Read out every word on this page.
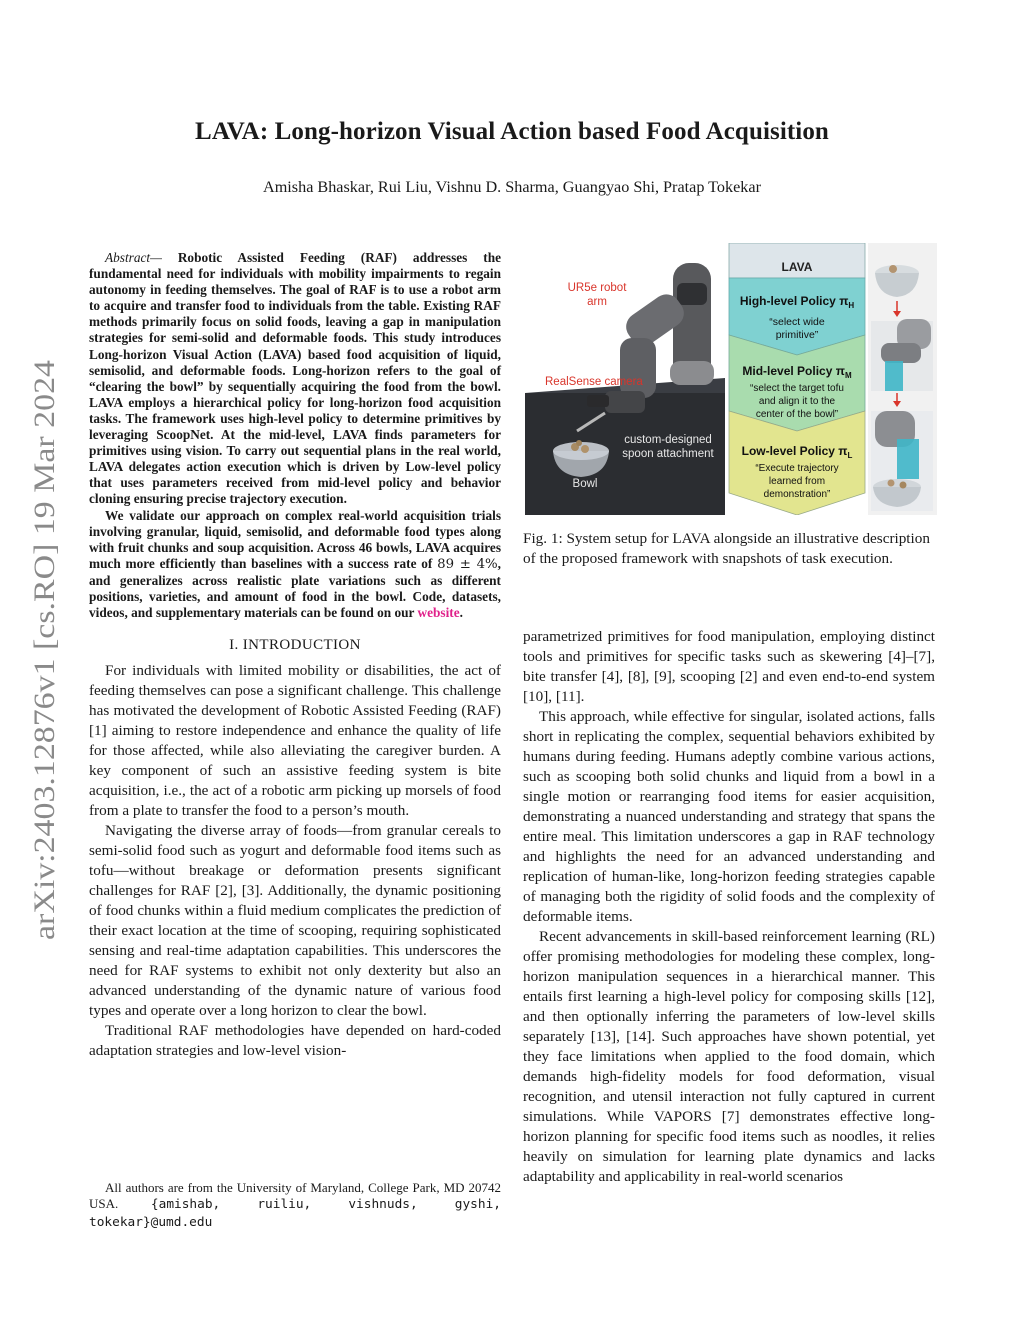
arXiv:2403.12876v1 [cs.RO] 19 Mar 2024
LAVA: Long-horizon Visual Action based Food Acquisition
Amisha Bhaskar, Rui Liu, Vishnu D. Sharma, Guangyao Shi, Pratap Tokekar

Abstract— Robotic Assisted Feeding (RAF) addresses the fundamental need for individuals with mobility impairments to regain autonomy in feeding themselves. The goal of RAF is to use a robot arm to acquire and transfer food to individuals from the table. Existing RAF methods primarily focus on solid foods, leaving a gap in manipulation strategies for semi-solid and deformable foods. This study introduces Long-horizon Visual Action (LAVA) based food acquisition of liquid, semisolid, and deformable foods. Long-horizon refers to the goal of “clearing the bowl” by sequentially acquiring the food from the bowl. LAVA employs a hierarchical policy for long-horizon food acquisition tasks. The framework uses high-level policy to determine primitives by leveraging ScoopNet. At the mid-level, LAVA finds parameters for primitives using vision. To carry out sequential plans in the real world, LAVA delegates action execution which is driven by Low-level policy that uses parameters received from mid-level policy and behavior cloning ensuring precise trajectory execution.

We validate our approach on complex real-world acquisition trials involving granular, liquid, semisolid, and deformable food types along with fruit chunks and soup acquisition. Across 46 bowls, LAVA acquires much more efficiently than baselines with a success rate of 89 ± 4%, and generalizes across realistic plate variations such as different positions, varieties, and amount of food in the bowl. Code, datasets, videos, and supplementary materials can be found on our website.

I. INTRODUCTION

For individuals with limited mobility or disabilities, the act of feeding themselves can pose a significant challenge. This challenge has motivated the development of Robotic Assisted Feeding (RAF) [1] aiming to restore independence and enhance the quality of life for those affected, while also alleviating the caregiver burden. A key component of such an assistive feeding system is bite acquisition, i.e., the act of a robotic arm picking up morsels of food from a plate to transfer the food to a person’s mouth.

Navigating the diverse array of foods—from granular cereals to semi-solid food such as yogurt and deformable food items such as tofu—without breakage or deformation presents significant challenges for RAF [2], [3]. Additionally, the dynamic positioning of food chunks within a fluid medium complicates the prediction of their exact location at the time of scooping, requiring sophisticated sensing and real-time adaptation capabilities. This underscores the need for RAF systems to exhibit not only dexterity but also an advanced understanding of the dynamic nature of various food types and operate over a long horizon to clear the bowl.

Traditional RAF methodologies have depended on hard-coded adaptation strategies and low-level vision-

All authors are from the University of Maryland, College Park, MD 20742 USA.	{amishab, ruiliu, vishnuds, gyshi, tokekar}@umd.edu

UR5e robot
arm
RealSense camera
custom-designed
spoon attachment
Bowl
LAVA
High-level Policy $\pi_H$
“select wide
primitive”
Mid-level Policy $\pi_M$
“select the target tofu
and align it to the
center of the bowl”
Low-level Policy $\pi_L$
“Execute trajectory
learned from
demonstration”
Fig. 1: System setup for LAVA alongside an illustrative description of the proposed framework with snapshots of task execution.

parametrized primitives for food manipulation, employing distinct tools and primitives for specific tasks such as skewering [4]–[7], bite transfer [4], [8], [9], scooping [2] and even end-to-end system [10], [11].

This approach, while effective for singular, isolated actions, falls short in replicating the complex, sequential behaviors exhibited by humans during feeding. Humans adeptly combine various actions, such as scooping both solid chunks and liquid from a bowl in a single motion or rearranging food items for easier acquisition, demonstrating a nuanced understanding and strategy that spans the entire meal. This limitation underscores a gap in RAF technology and highlights the need for an advanced understanding and replication of human-like, long-horizon feeding strategies capable of managing both the rigidity of solid foods and the complexity of deformable items.

Recent advancements in skill-based reinforcement learning (RL) offer promising methodologies for modeling these complex, long-horizon manipulation sequences in a hierarchical manner. This entails first learning a high-level policy for composing skills [12], and then optionally inferring the parameters of low-level skills separately [13], [14]. Such approaches have shown potential, yet they face limitations when applied to the food domain, which demands high-fidelity models for food deformation, visual recognition, and utensil interaction not fully captured in current simulations. While VAPORS [7] demonstrates effective long-horizon planning for specific food items such as noodles, it relies heavily on simulation for learning plate dynamics and lacks adaptability and applicability in real-world scenarios
